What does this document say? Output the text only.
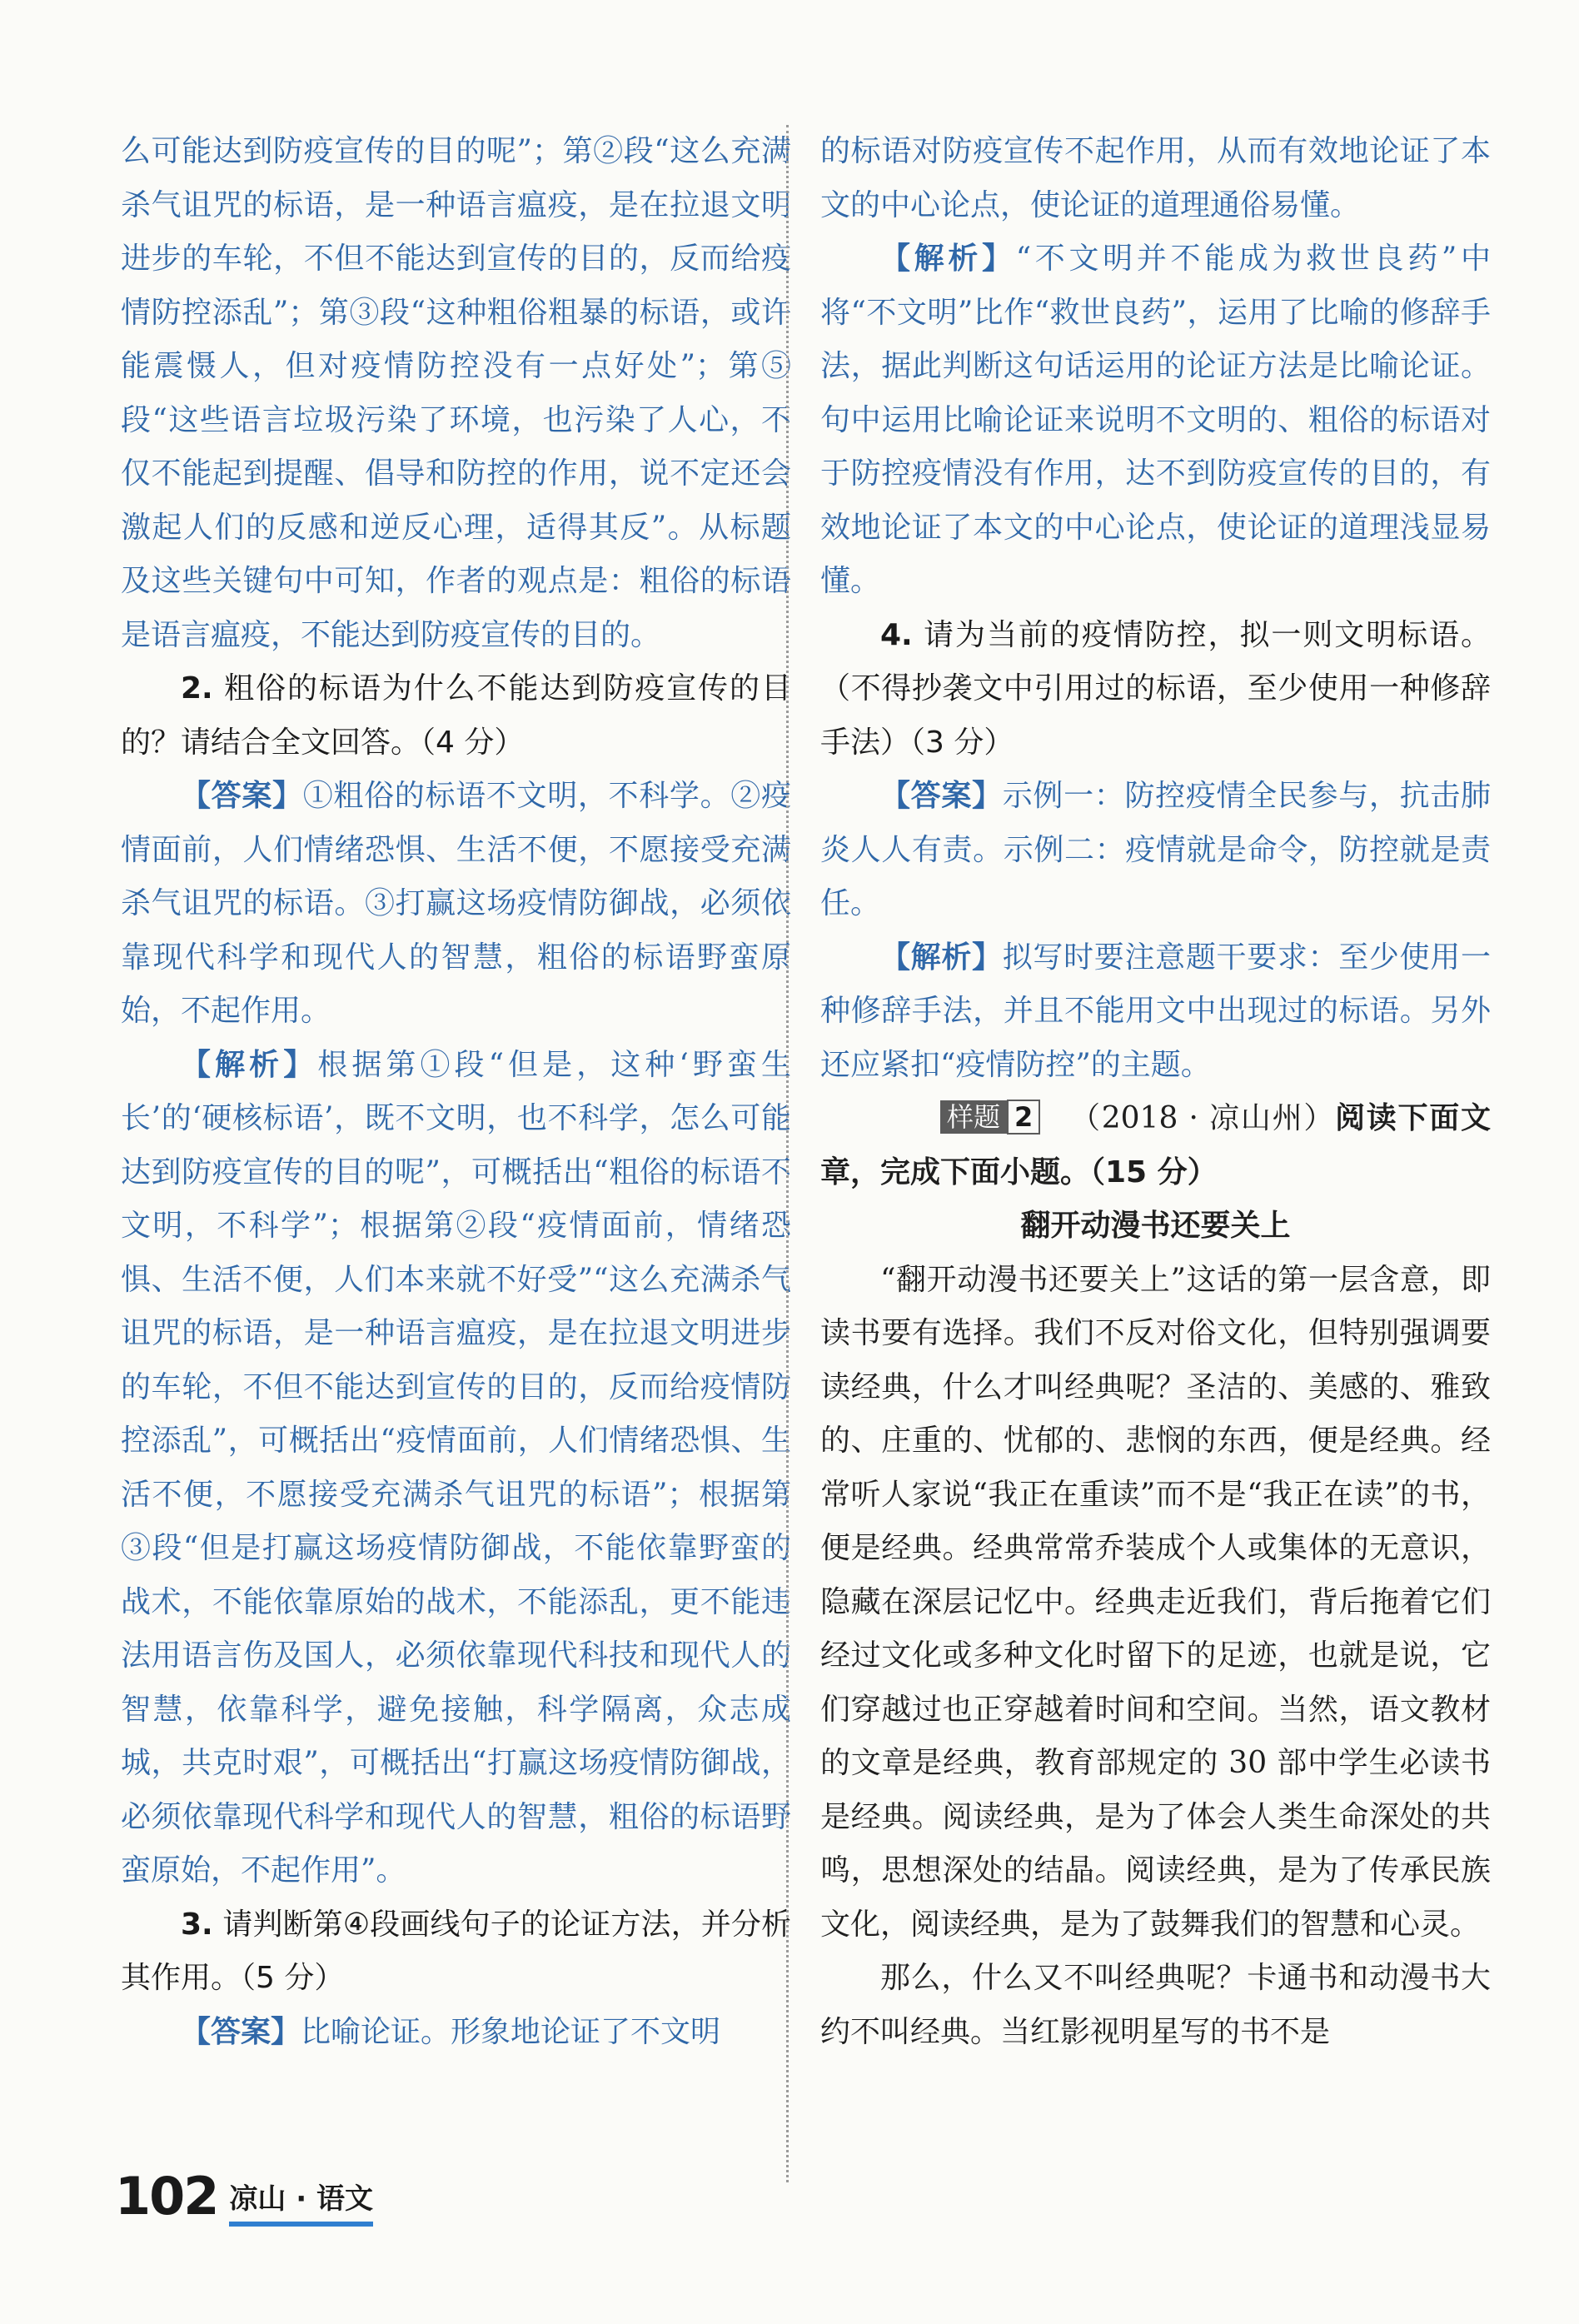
么可能达到防疫宣传的目的呢”；第②段“这么充满杀气诅咒的标语，是一种语言瘟疫，是在拉退文明进步的车轮，不但不能达到宣传的目的，反而给疫情防控添乱”；第③段“这种粗俗粗暴的标语，或许能震慑人，但对疫情防控没有一点好处”；第⑤段“这些语言垃圾污染了环境，也污染了人心，不仅不能起到提醒、倡导和防控的作用，说不定还会激起人们的反感和逆反心理，适得其反”。从标题及这些关键句中可知，作者的观点是：粗俗的标语是语言瘟疫，不能达到防疫宣传的目的。

2. 粗俗的标语为什么不能达到防疫宣传的目的？请结合全文回答。（4 分）

【答案】①粗俗的标语不文明，不科学。②疫情面前，人们情绪恐惧、生活不便，不愿接受充满杀气诅咒的标语。③打赢这场疫情防御战，必须依靠现代科学和现代人的智慧，粗俗的标语野蛮原始，不起作用。

【解析】根据第①段“但是，这种‘野蛮生长’的‘硬核标语’，既不文明，也不科学，怎么可能达到防疫宣传的目的呢”，可概括出“粗俗的标语不文明，不科学”；根据第②段“疫情面前，情绪恐惧、生活不便，人们本来就不好受”“这么充满杀气诅咒的标语，是一种语言瘟疫，是在拉退文明进步的车轮，不但不能达到宣传的目的，反而给疫情防控添乱”，可概括出“疫情面前，人们情绪恐惧、生活不便，不愿接受充满杀气诅咒的标语”；根据第③段“但是打赢这场疫情防御战，不能依靠野蛮的战术，不能依靠原始的战术，不能添乱，更不能违法用语言伤及国人，必须依靠现代科技和现代人的智慧，依靠科学，避免接触，科学隔离，众志成城，共克时艰”，可概括出“打赢这场疫情防御战，必须依靠现代科学和现代人的智慧，粗俗的标语野蛮原始，不起作用”。

3. 请判断第④段画线句子的论证方法，并分析其作用。（5 分）

【答案】比喻论证。形象地论证了不文明

的标语对防疫宣传不起作用，从而有效地论证了本文的中心论点，使论证的道理通俗易懂。

【解析】“不文明并不能成为救世良药”中将“不文明”比作“救世良药”，运用了比喻的修辞手法，据此判断这句话运用的论证方法是比喻论证。句中运用比喻论证来说明不文明的、粗俗的标语对于防控疫情没有作用，达不到防疫宣传的目的，有效地论证了本文的中心论点，使论证的道理浅显易懂。

4. 请为当前的疫情防控，拟一则文明标语。（不得抄袭文中引用过的标语，至少使用一种修辞手法）（3 分）

【答案】示例一：防控疫情全民参与，抗击肺炎人人有责。示例二：疫情就是命令，防控就是责任。

【解析】拟写时要注意题干要求：至少使用一种修辞手法，并且不能用文中出现过的标语。另外还应紧扣“疫情防控”的主题。

样题 2 （2018 · 凉山州）阅读下面文章，完成下面小题。（15 分）

翻开动漫书还要关上

“翻开动漫书还要关上”这话的第一层含意，即读书要有选择。我们不反对俗文化，但特别强调要读经典，什么才叫经典呢？圣洁的、美感的、雅致的、庄重的、忧郁的、悲悯的东西，便是经典。经常听人家说“我正在重读”而不是“我正在读”的书，便是经典。经典常常乔装成个人或集体的无意识，隐藏在深层记忆中。经典走近我们，背后拖着它们经过文化或多种文化时留下的足迹，也就是说，它们穿越过也正穿越着时间和空间。当然，语文教材的文章是经典，教育部规定的 30 部中学生必读书是经典。阅读经典，是为了体会人类生命深处的共鸣，思想深处的结晶。阅读经典，是为了传承民族文化，阅读经典，是为了鼓舞我们的智慧和心灵。

那么，什么又不叫经典呢？卡通书和动漫书大约不叫经典。当红影视明星写的书不是

102 凉山 · 语文
